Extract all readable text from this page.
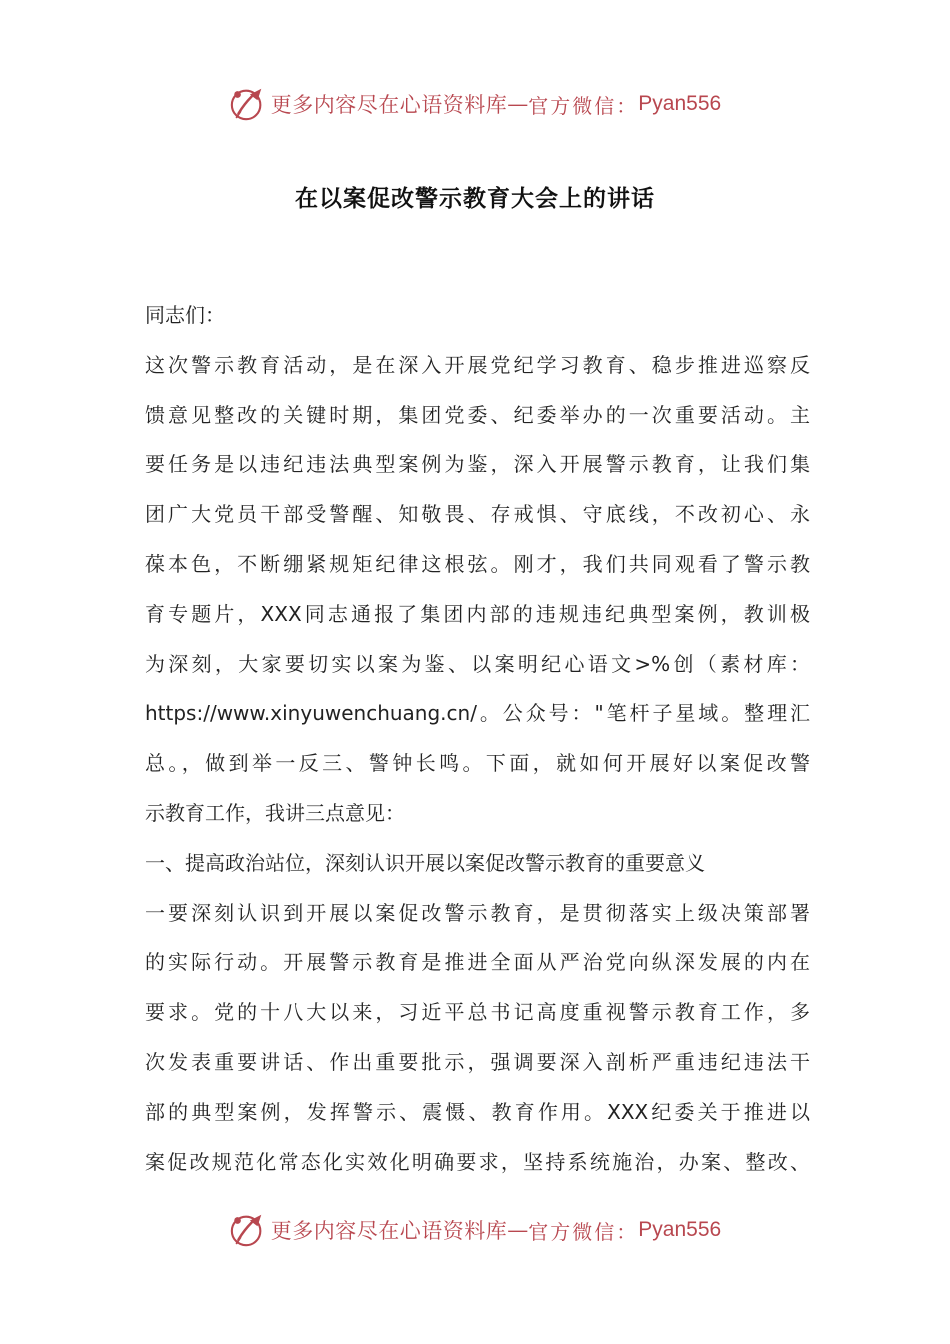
更多内容尽在心语资料库 — 官方微信： Pyan556
在以案促改警示教育大会上的讲话
同志们：
这次警示教育活动，是在深入开展党纪学习教育、稳步推进巡察反
馈意见整改的关键时期，集团党委、纪委举办的一次重要活动。主
要任务是以违纪违法典型案例为鉴，深入开展警示教育，让我们集
团广大党员干部受警醒、知敬畏、存戒惧、守底线，不改初心、永
葆本色，不断绷紧规矩纪律这根弦。刚才，我们共同观看了警示教
育专题片，XXX同志通报了集团内部的违规违纪典型案例，教训极
为深刻，大家要切实以案为鉴、以案明纪心语文>%创（素材库：
https://www.xinyuwenchuang.cn/。公众号："笔杆子星域。整理汇
总。，做到举一反三、警钟长鸣。下面，就如何开展好以案促改警
示教育工作，我讲三点意见：
一、提高政治站位，深刻认识开展以案促改警示教育的重要意义
一要深刻认识到开展以案促改警示教育，是贯彻落实上级决策部署
的实际行动。开展警示教育是推进全面从严治党向纵深发展的内在
要求。党的十八大以来，习近平总书记高度重视警示教育工作，多
次发表重要讲话、作出重要批示，强调要深入剖析严重违纪违法干
部的典型案例，发挥警示、震慑、教育作用。XXX纪委关于推进以
案促改规范化常态化实效化明确要求，坚持系统施治，办案、整改、
更多内容尽在心语资料库 — 官方微信： Pyan556
